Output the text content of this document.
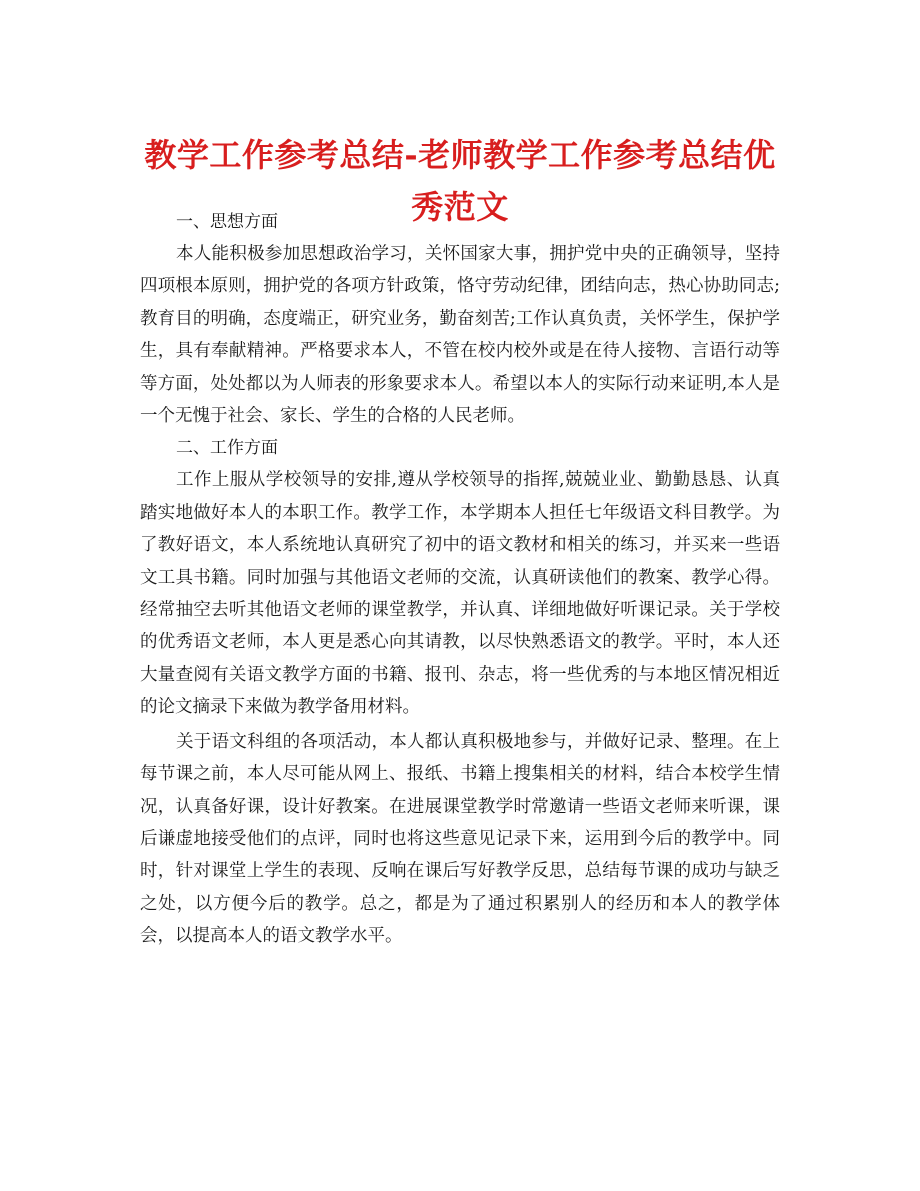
教学工作参考总结-老师教学工作参考总结优秀范文
一、思想方面

本人能积极参加思想政治学习，关怀国家大事，拥护党中央的正确领导，坚持四项根本原则，拥护党的各项方针政策，恪守劳动纪律，团结向志，热心协助同志;教育目的明确，态度端正，研究业务，勤奋刻苦;工作认真负责，关怀学生，保护学生，具有奉献精神。严格要求本人，不管在校内校外或是在待人接物、言语行动等等方面，处处都以为人师表的形象要求本人。希望以本人的实际行动来证明,本人是一个无愧于社会、家长、学生的合格的人民老师。

二、工作方面

工作上服从学校领导的安排,遵从学校领导的指挥,兢兢业业、勤勤恳恳、认真踏实地做好本人的本职工作。教学工作，本学期本人担任七年级语文科目教学。为了教好语文，本人系统地认真研究了初中的语文教材和相关的练习，并买来一些语文工具书籍。同时加强与其他语文老师的交流，认真研读他们的教案、教学心得。经常抽空去听其他语文老师的课堂教学，并认真、详细地做好听课记录。关于学校的优秀语文老师，本人更是悉心向其请教，以尽快熟悉语文的教学。平时，本人还大量查阅有关语文教学方面的书籍、报刊、杂志，将一些优秀的与本地区情况相近的论文摘录下来做为教学备用材料。

关于语文科组的各项活动，本人都认真积极地参与，并做好记录、整理。在上每节课之前，本人尽可能从网上、报纸、书籍上搜集相关的材料，结合本校学生情况，认真备好课，设计好教案。在进展课堂教学时常邀请一些语文老师来听课，课后谦虚地接受他们的点评，同时也将这些意见记录下来，运用到今后的教学中。同时，针对课堂上学生的表现、反响在课后写好教学反思，总结每节课的成功与缺乏之处，以方便今后的教学。总之，都是为了通过积累别人的经历和本人的教学体会，以提高本人的语文教学水平。
